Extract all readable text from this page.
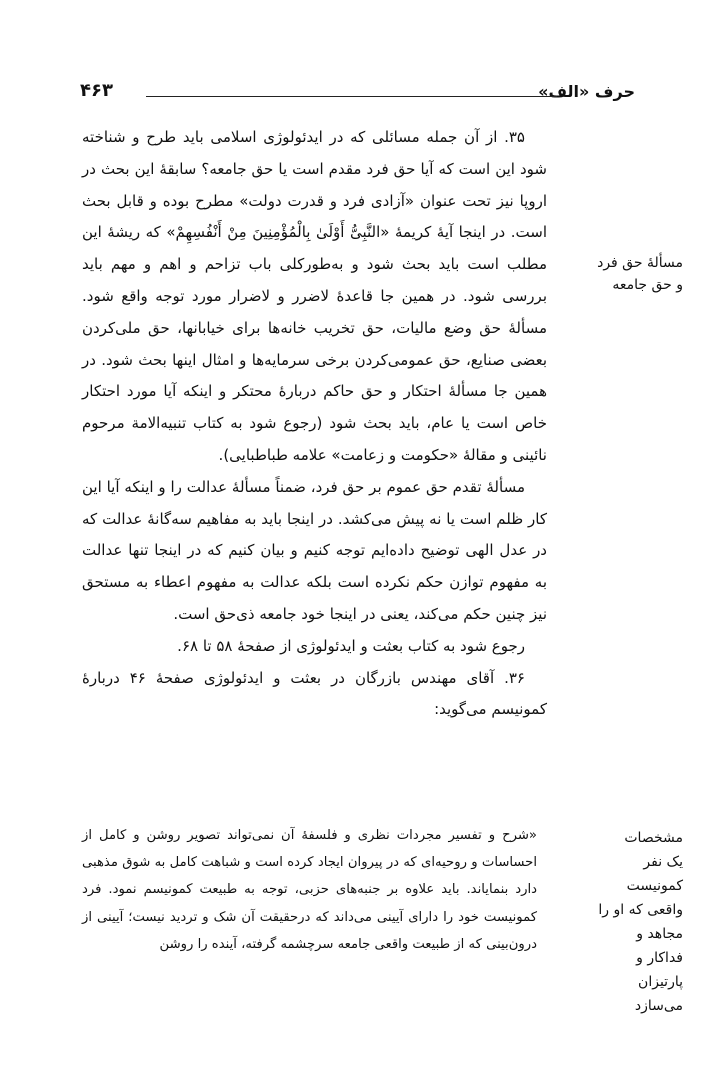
حرف «الف»
۴۶۳

۳۵. از آن جمله مسائلی که در ایدئولوژی اسلامی باید طرح و شناخته شود این است که آیا حق فرد مقدم است یا حق جامعه؟ سابقهٔ این بحث در اروپا نیز تحت عنوان «آزادی فرد و قدرت دولت» مطرح بوده و قابل بحث است. در اینجا آیهٔ کریمهٔ «النَّبِیُّ أَوْلَیٰ بِالْمُؤْمِنِینَ مِنْ أَنْفُسِهِمْ» که ریشهٔ این مطلب است باید بحث شود و به‌طورکلی باب تزاحم و اهم و مهم باید بررسی شود. در همین جا قاعدهٔ لاضرر و لاضرار مورد توجه واقع شود. مسألهٔ حق وضع مالیات، حق تخریب خانه‌ها برای خیابانها، حق ملی‌کردن بعضی صنایع، حق عمومی‌کردن برخی سرمایه‌ها و امثال اینها بحث شود. در همین جا مسألهٔ احتکار و حق حاکم دربارهٔ محتکر و اینکه آیا مورد احتکار خاص است یا عام، باید بحث شود (رجوع شود به کتاب تنبیه‌الامة مرحوم نائینی و مقالهٔ «حکومت و زعامت» علامه طباطبایی).

مسألهٔ تقدم حق عموم بر حق فرد، ضمناً مسألهٔ عدالت را و اینکه آیا این کار ظلم است یا نه پیش می‌کشد. در اینجا باید به مفاهیم سه‌گانهٔ عدالت که در عدل الهی توضیح داده‌ایم توجه کنیم و بیان کنیم که در اینجا تنها عدالت به مفهوم توازن حکم نکرده است بلکه عدالت به مفهوم اعطاء به مستحق نیز چنین حکم می‌کند، یعنی در اینجا خود جامعه ذی‌حق است.

رجوع شود به کتاب بعثت و ایدئولوژی از صفحهٔ ۵۸ تا ۶۸.

۳۶. آقای مهندس بازرگان در بعثت و ایدئولوژی صفحهٔ ۴۶ دربارهٔ کمونیسم می‌گوید:

مسألهٔ حق فرد
و حق جامعه

«شرح و تفسیر مجردات نظری و فلسفهٔ آن نمی‌تواند تصویر روشن و کامل از احساسات و روحیه‌ای که در پیروان ایجاد کرده است و شباهت کامل به شوق مذهبی دارد بنمایاند. باید علاوه بر جنبه‌های حزبی، توجه به طبیعت کمونیسم نمود. فرد کمونیست خود را دارای آیینی می‌داند که درحقیقت آن شک و تردید نیست؛ آیینی از درون‌بینی که از طبیعت واقعی جامعه سرچشمه گرفته، آینده را روشن

مشخصات
یک نفر
کمونیست
واقعی که او را
مجاهد و
فداکار و
پارتیزان
می‌سازد
